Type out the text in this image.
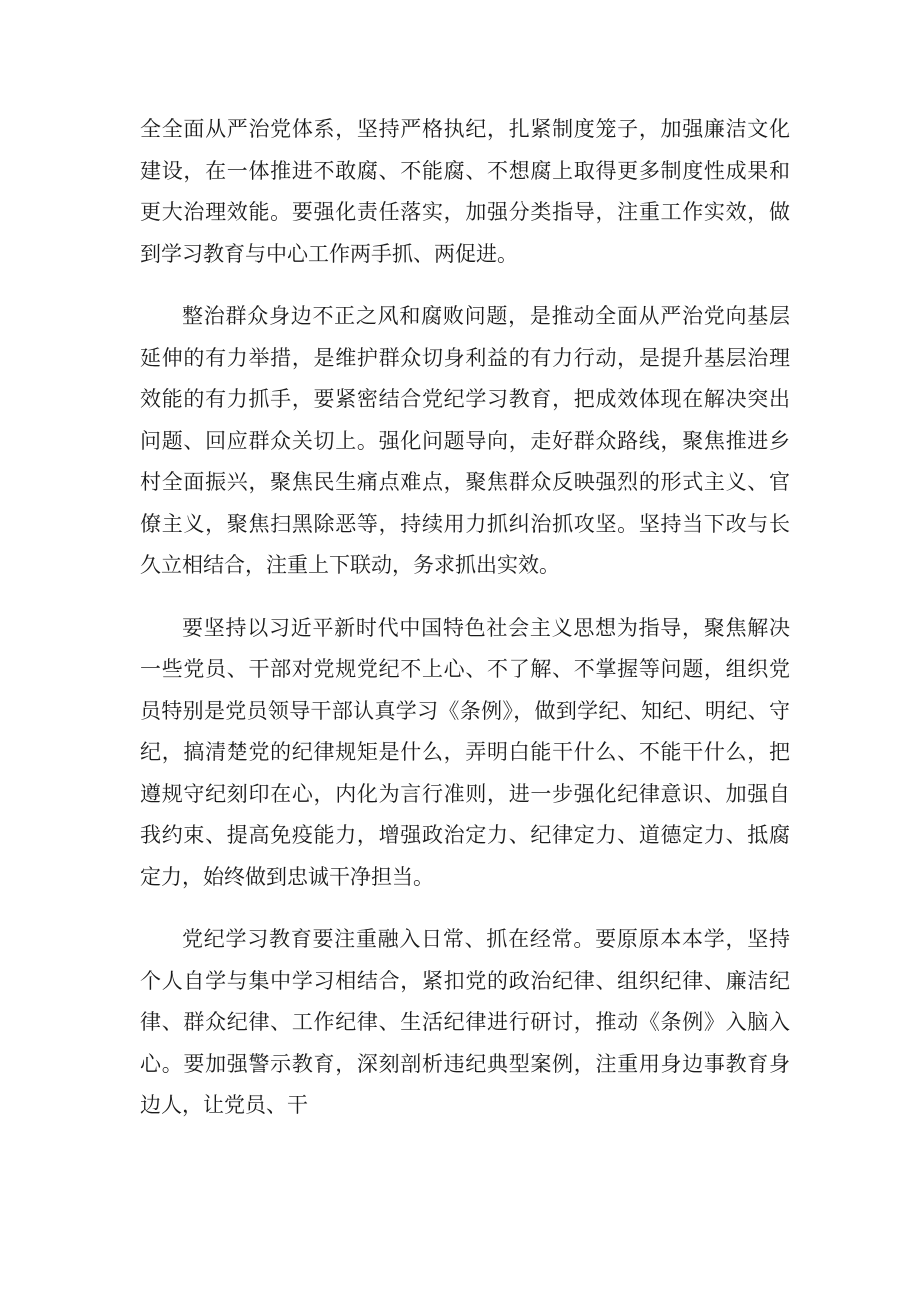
全全面从严治党体系，坚持严格执纪，扎紧制度笼子，加强廉洁文化建设，在一体推进不敢腐、不能腐、不想腐上取得更多制度性成果和更大治理效能。要强化责任落实，加强分类指导，注重工作实效，做到学习教育与中心工作两手抓、两促进。

整治群众身边不正之风和腐败问题，是推动全面从严治党向基层延伸的有力举措，是维护群众切身利益的有力行动，是提升基层治理效能的有力抓手，要紧密结合党纪学习教育，把成效体现在解决突出问题、回应群众关切上。强化问题导向，走好群众路线，聚焦推进乡村全面振兴，聚焦民生痛点难点，聚焦群众反映强烈的形式主义、官僚主义，聚焦扫黑除恶等，持续用力抓纠治抓攻坚。坚持当下改与长久立相结合，注重上下联动，务求抓出实效。

要坚持以习近平新时代中国特色社会主义思想为指导，聚焦解决一些党员、干部对党规党纪不上心、不了解、不掌握等问题，组织党员特别是党员领导干部认真学习《条例》，做到学纪、知纪、明纪、守纪，搞清楚党的纪律规矩是什么，弄明白能干什么、不能干什么，把遵规守纪刻印在心，内化为言行准则，进一步强化纪律意识、加强自我约束、提高免疫能力，增强政治定力、纪律定力、道德定力、抵腐定力，始终做到忠诚干净担当。

党纪学习教育要注重融入日常、抓在经常。要原原本本学，坚持个人自学与集中学习相结合，紧扣党的政治纪律、组织纪律、廉洁纪律、群众纪律、工作纪律、生活纪律进行研讨，推动《条例》入脑入心。要加强警示教育，深刻剖析违纪典型案例，注重用身边事教育身边人，让党员、干
